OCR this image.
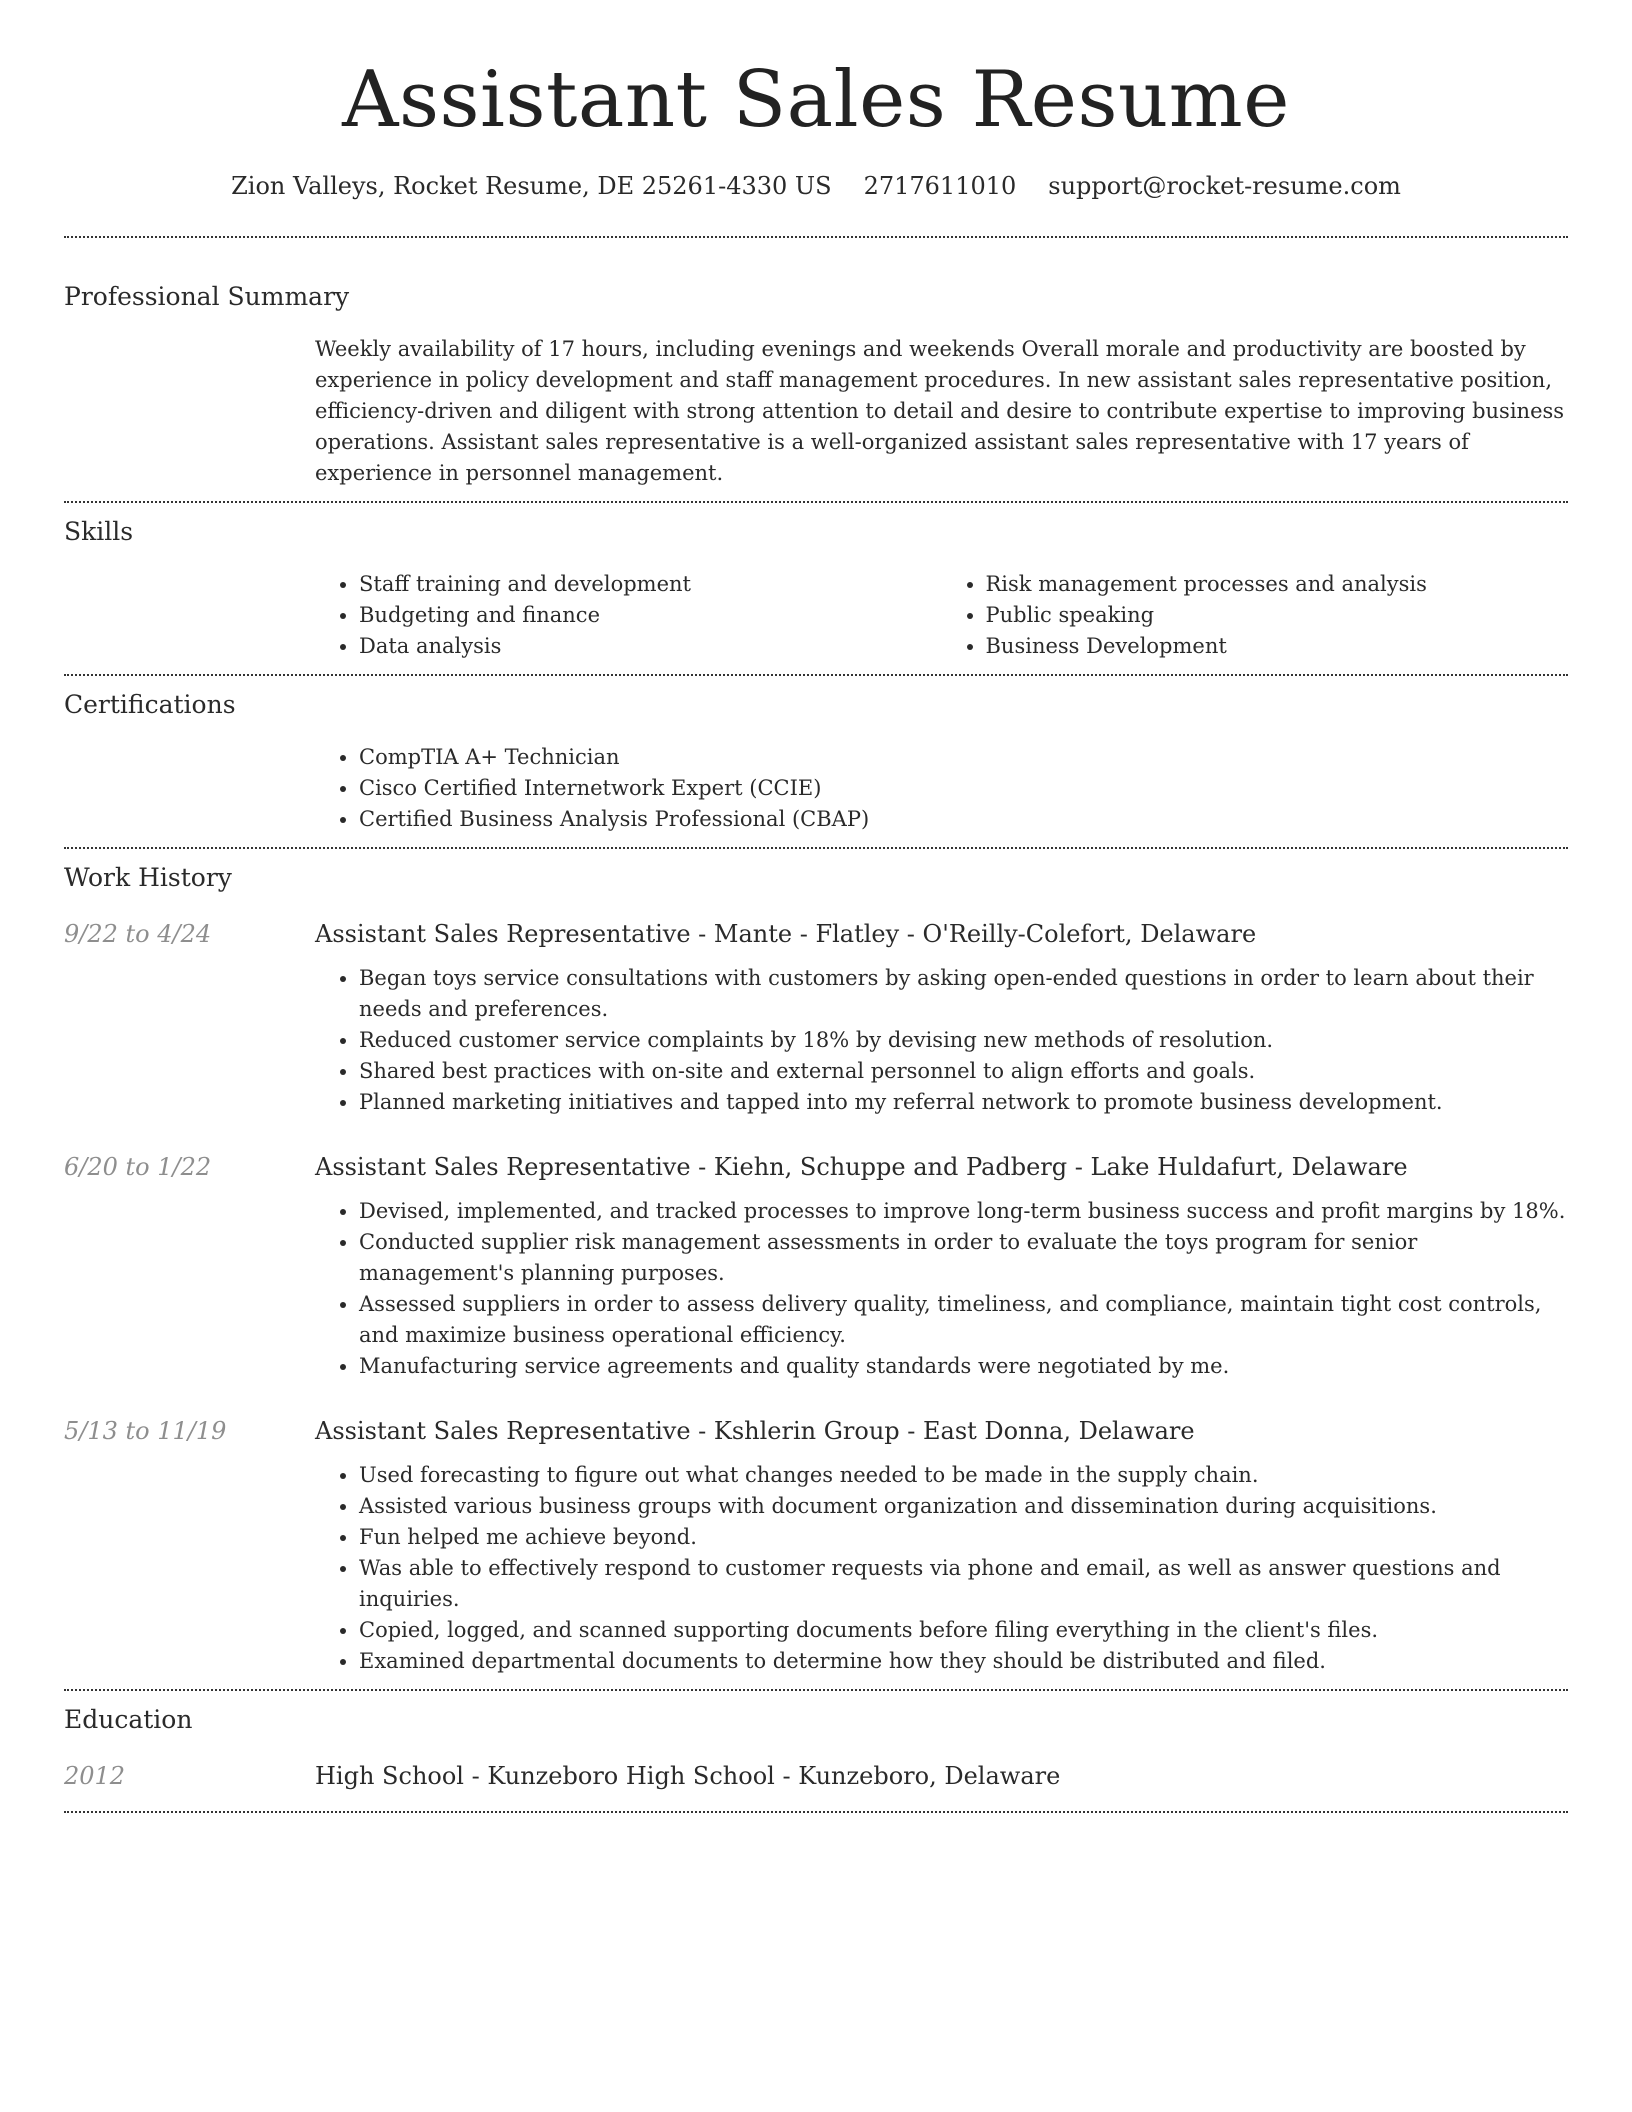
Assistant Sales Resume
Zion Valleys, Rocket Resume, DE 25261-4330 US 2717611010 support@rocket-resume.com
Professional Summary

Weekly availability of 17 hours, including evenings and weekends Overall morale and productivity are boosted by experience in policy development and staff management procedures. In new assistant sales representative position, efficiency-driven and diligent with strong attention to detail and desire to contribute expertise to improving business operations. Assistant sales representative is a well-organized assistant sales representative with 17 years of experience in personnel management.

Skills
• Staff training and development
• Budgeting and finance
• Data analysis
• Risk management processes and analysis
• Public speaking
• Business Development
Certifications
• CompTIA A+ Technician
• Cisco Certified Internetwork Expert (CCIE)
• Certified Business Analysis Professional (CBAP)
Work History
9/22 to 4/24	Assistant Sales Representative - Mante - Flatley - O'Reilly-Colefort, Delaware
• Began toys service consultations with customers by asking open-ended questions in order to learn about their needs and preferences.
• Reduced customer service complaints by 18% by devising new methods of resolution.
• Shared best practices with on-site and external personnel to align efforts and goals.
• Planned marketing initiatives and tapped into my referral network to promote business development.
6/20 to 1/22	Assistant Sales Representative - Kiehn, Schuppe and Padberg - Lake Huldafurt, Delaware
• Devised, implemented, and tracked processes to improve long-term business success and profit margins by 18%.
• Conducted supplier risk management assessments in order to evaluate the toys program for senior management's planning purposes.
• Assessed suppliers in order to assess delivery quality, timeliness, and compliance, maintain tight cost controls, and maximize business operational efficiency.
• Manufacturing service agreements and quality standards were negotiated by me.
5/13 to 11/19	Assistant Sales Representative - Kshlerin Group - East Donna, Delaware
• Used forecasting to figure out what changes needed to be made in the supply chain.
• Assisted various business groups with document organization and dissemination during acquisitions.
• Fun helped me achieve beyond.
• Was able to effectively respond to customer requests via phone and email, as well as answer questions and inquiries.
• Copied, logged, and scanned supporting documents before filing everything in the client's files.
• Examined departmental documents to determine how they should be distributed and filed.
Education
2012	High School - Kunzeboro High School - Kunzeboro, Delaware
